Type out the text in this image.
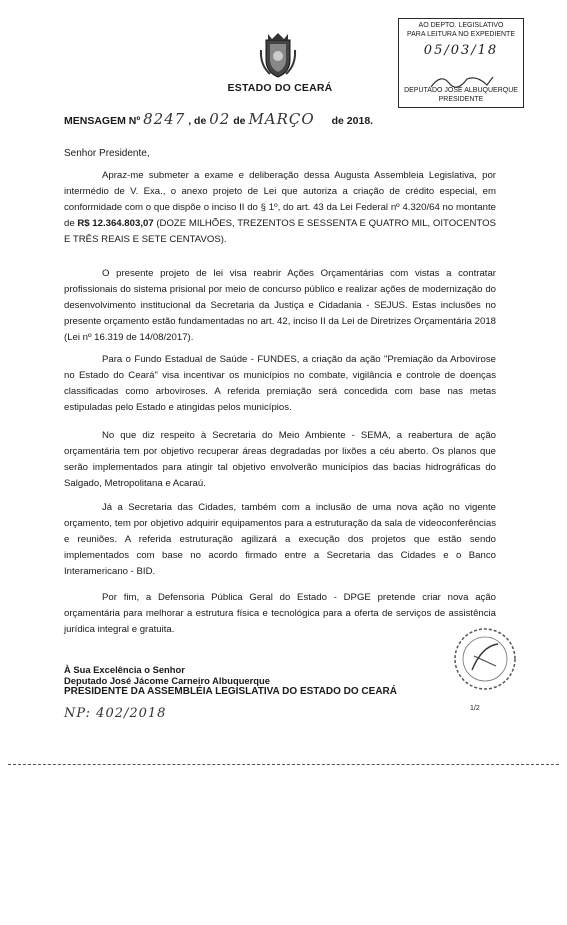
ESTADO DO CEARÁ
AO DEPTO. LEGISLATIVO
PARA LEITURA NO EXPEDIENTE
05/03/18
DEPUTADO JOSÉ ALBUQUERQUE
PRESIDENTE
MENSAGEM Nº 8247 , de 02 de MARÇO de 2018.
Senhor Presidente,

Apraz-me submeter a exame e deliberação dessa Augusta Assembleia Legislativa, por intermédio de V. Exa., o anexo projeto de Lei que autoriza a criação de crédito especial, em conformidade com o que dispõe o inciso II do § 1º, do art. 43 da Lei Federal nº 4.320/64 no montante de R$ 12.364.803,07 (DOZE MILHÕES, TREZENTOS E SESSENTA E QUATRO MIL, OITOCENTOS E TRÊS REAIS E SETE CENTAVOS).

O presente projeto de lei visa reabrir Ações Orçamentárias com vistas a contratar profissionais do sistema prisional por meio de concurso público e realizar ações de modernização do desenvolvimento institucional da Secretaria da Justiça e Cidadania - SEJUS. Estas inclusões no presente orçamento estão fundamentadas no art. 42, inciso II da Lei de Diretrizes Orçamentária 2018 (Lei nº 16.319 de 14/08/2017).

Para o Fundo Estadual de Saúde - FUNDES, a criação da ação "Premiação da Arbovirose no Estado do Ceará" visa incentivar os municípios no combate, vigilância e controle de doenças classificadas como arboviroses. A referida premiação será concedida com base nas metas estipuladas pelo Estado e atingidas pelos municípios.

No que diz respeito à Secretaria do Meio Ambiente - SEMA, a reabertura de ação orçamentária tem por objetivo recuperar áreas degradadas por lixões a céu aberto. Os planos que serão implementados para atingir tal objetivo envolverão municípios das bacias hidrográficas do Salgado, Metropolitana e Acaraú.

Já a Secretaria das Cidades, também com a inclusão de uma nova ação no vigente orçamento, tem por objetivo adquirir equipamentos para a estruturação da sala de videoconferências e reuniões. A referida estruturação agilizará a execução dos projetos que estão sendo implementados com base no acordo firmado entre a Secretaria das Cidades e o Banco Interamericano - BID.

Por fim, a Defensoria Pública Geral do Estado - DPGE pretende criar nova ação orçamentária para melhorar a estrutura física e tecnológica para a oferta de serviços de assistência jurídica integral e gratuita.

À Sua Excelência o Senhor
Deputado José Jácome Carneiro Albuquerque
PRESIDENTE DA ASSEMBLÉIA LEGISLATIVA DO ESTADO DO CEARÁ
NP: 402/2018	1/2
